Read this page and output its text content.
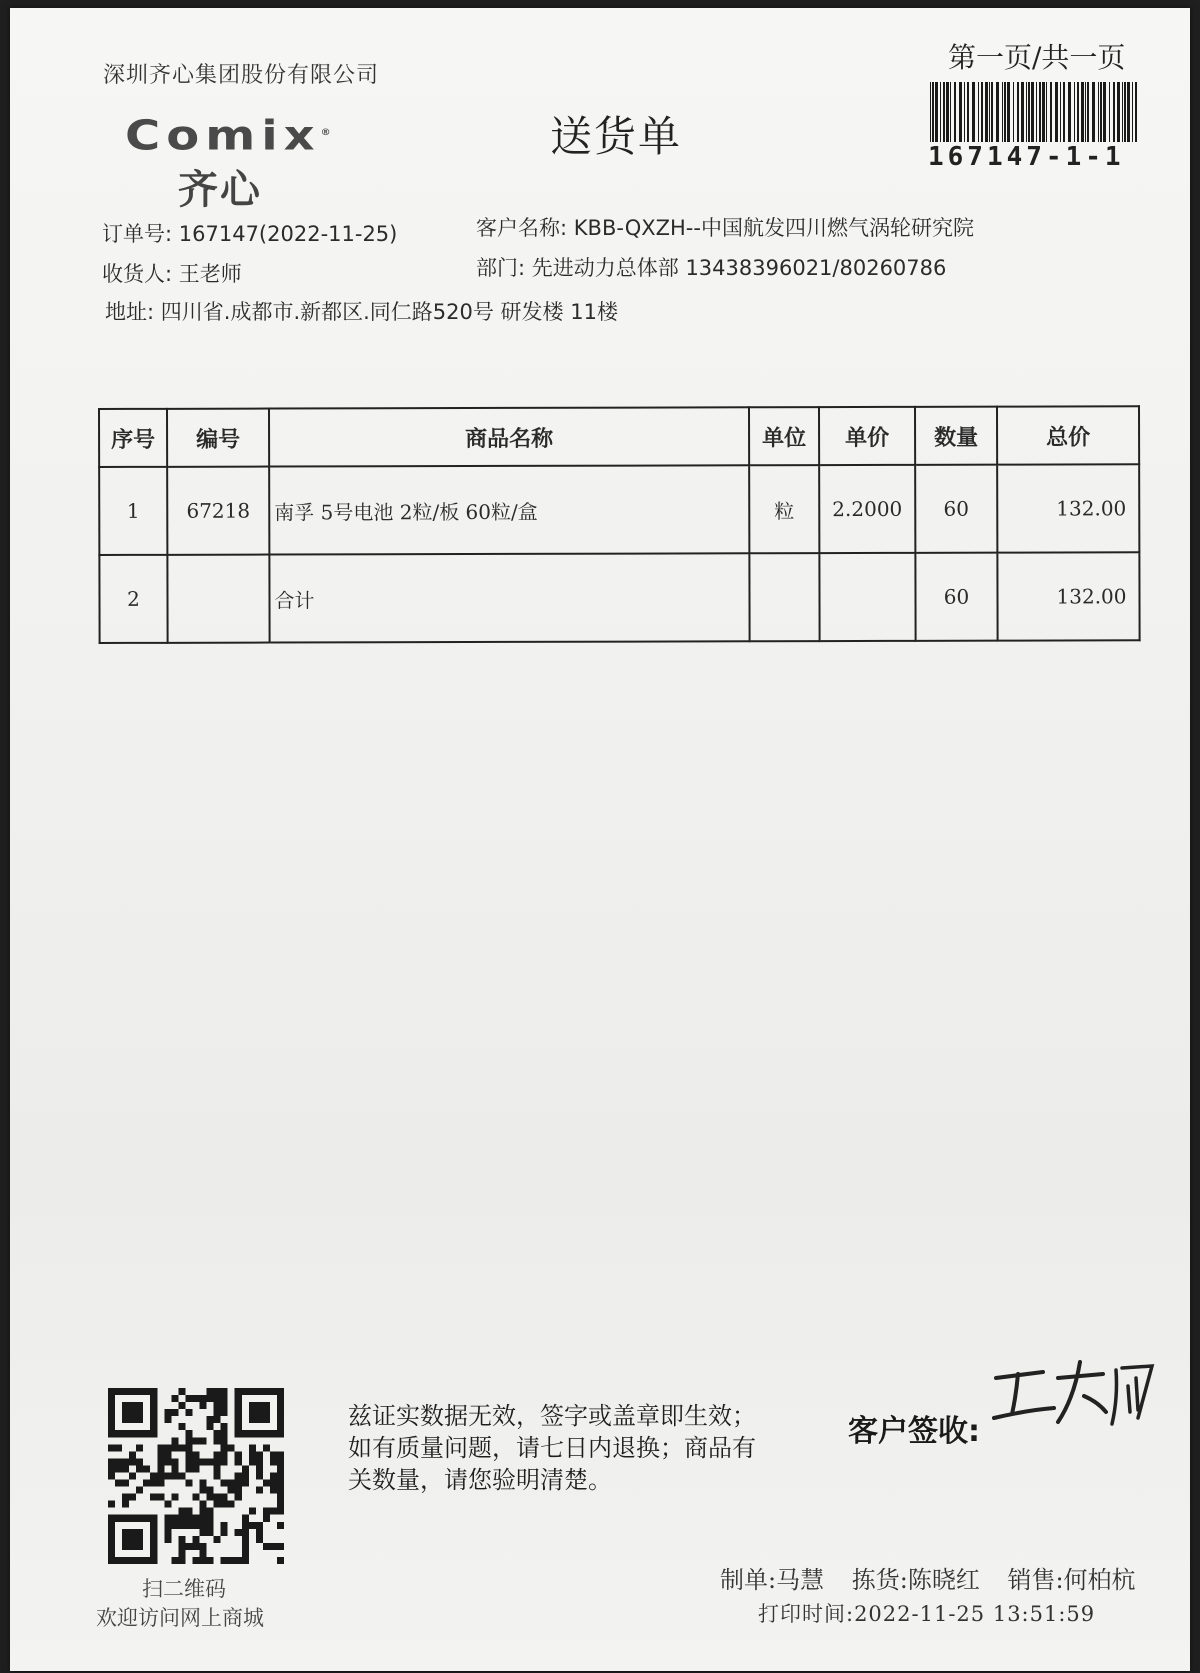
深圳齐心集团股份有限公司
Comix®
齐心
送货单
第一页/共一页
167147-1-1
订单号: 167147(2022-11-25)
收货人: 王老师
地址: 四川省.成都市.新都区.同仁路520号 研发楼 11楼
客户名称: KBB-QXZH--中国航发四川燃气涡轮研究院
部门: 先进动力总体部 13438396021/80260786
序号	编号	商品名称	单位	单价	数量	总价
1	67218	南孚 5号电池 2粒/板 60粒/盒	粒	2.2000	60	132.00
2		合计			60	132.00
扫二维码
欢迎访问网上商城
兹证实数据无效，签字或盖章即生效；如有质量问题，请七日内退换；商品有关数量，请您验明清楚。
客户签收:
制单:马慧 拣货:陈晓红 销售:何柏杭
打印时间:2022-11-25 13:51:59
